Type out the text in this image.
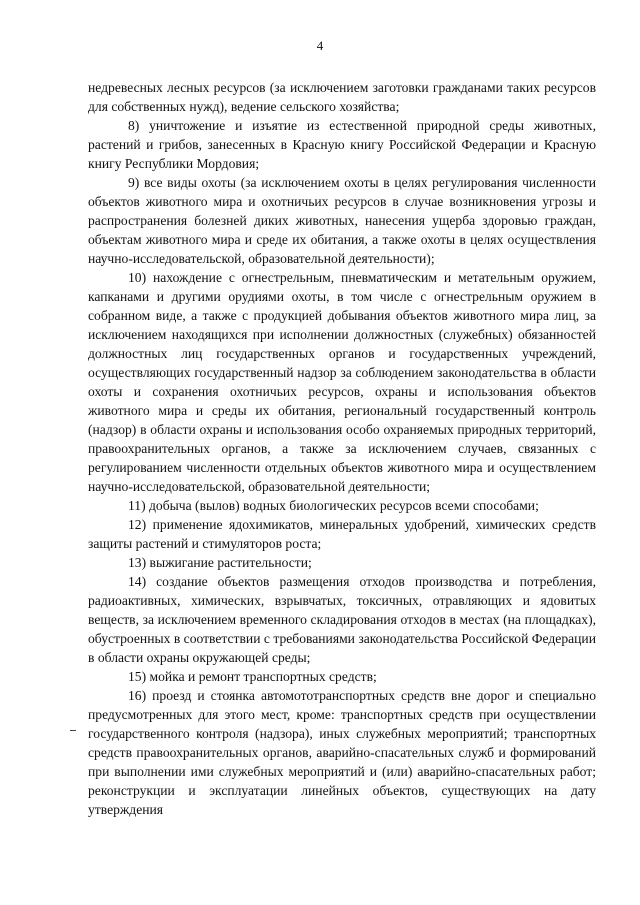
4

недревесных лесных ресурсов (за исключением заготовки гражданами таких ресурсов для собственных нужд), ведение сельского хозяйства;

8) уничтожение и изъятие из естественной природной среды животных, растений и грибов, занесенных в Красную книгу Российской Федерации и Красную книгу Республики Мордовия;

9) все виды охоты (за исключением охоты в целях регулирования численности объектов животного мира и охотничьих ресурсов в случае возникновения угрозы и распространения болезней диких животных, нанесения ущерба здоровью граждан, объектам животного мира и среде их обитания, а также охоты в целях осуществления научно-исследовательской, образовательной деятельности);

10) нахождение с огнестрельным, пневматическим и метательным оружием, капканами и другими орудиями охоты, в том числе с огнестрельным оружием в собранном виде, а также с продукцией добывания объектов животного мира лиц, за исключением находящихся при исполнении должностных (служебных) обязанностей должностных лиц государственных органов и государственных учреждений, осуществляющих государственный надзор за соблюдением законодательства в области охоты и сохранения охотничьих ресурсов, охраны и использования объектов животного мира и среды их обитания, региональный государственный контроль (надзор) в области охраны и использования особо охраняемых природных территорий, правоохранительных органов, а также за исключением случаев, связанных с регулированием численности отдельных объектов животного мира и осуществлением научно-исследовательской, образовательной деятельности;

11) добыча (вылов) водных биологических ресурсов всеми способами;

12) применение ядохимикатов, минеральных удобрений, химических средств защиты растений и стимуляторов роста;

13) выжигание растительности;

14) создание объектов размещения отходов производства и потребления, радиоактивных, химических, взрывчатых, токсичных, отравляющих и ядовитых веществ, за исключением временного складирования отходов в местах (на площадках), обустроенных в соответствии с требованиями законодательства Российской Федерации в области охраны окружающей среды;

15) мойка и ремонт транспортных средств;

16) проезд и стоянка автомототранспортных средств вне дорог и специально предусмотренных для этого мест, кроме: транспортных средств при осуществлении государственного контроля (надзора), иных служебных мероприятий; транспортных средств правоохранительных органов, аварийно-спасательных служб и формирований при выполнении ими служебных мероприятий и (или) аварийно-спасательных работ; реконструкции и эксплуатации линейных объектов, существующих на дату утверждения
